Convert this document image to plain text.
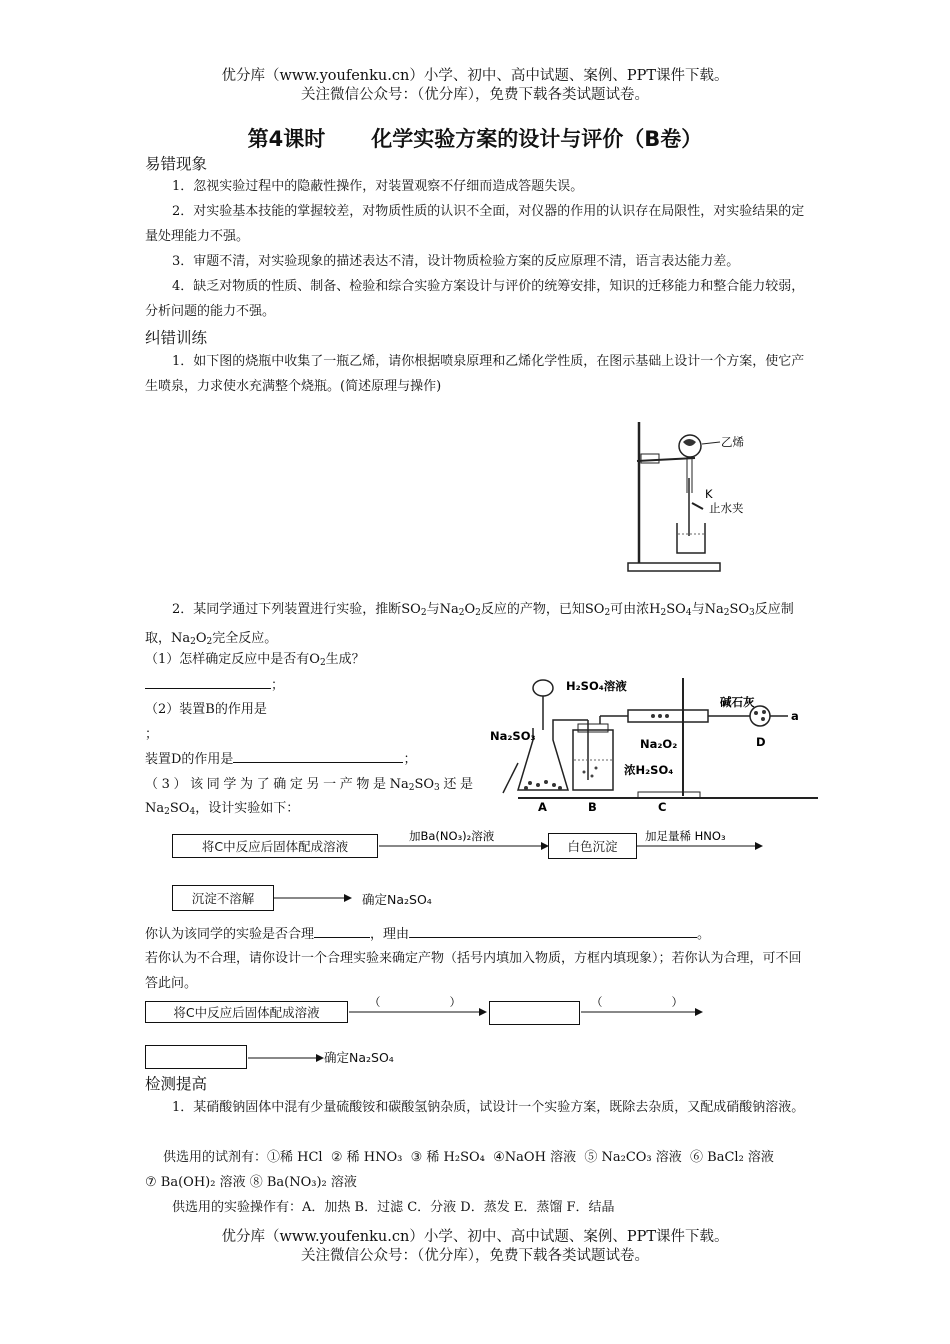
优分库（www.youfenku.cn）小学、初中、高中试题、案例、PPT课件下载。
关注微信公众号：（优分库），免费下载各类试题试卷。
第4课时 化学实验方案的设计与评价（B卷）
易错现象
1．忽视实验过程中的隐蔽性操作，对装置观察不仔细而造成答题失误。
2．对实验基本技能的掌握较差，对物质性质的认识不全面，对仪器的作用的认识存在局限性，对实验结果的定量处理能力不强。
3．审题不清，对实验现象的描述表达不清，设计物质检验方案的反应原理不清，语言表达能力差。
4．缺乏对物质的性质、制备、检验和综合实验方案设计与评价的统筹安排，知识的迁移能力和整合能力较弱，分析问题的能力不强。
纠错训练
1．如下图的烧瓶中收集了一瓶乙烯，请你根据喷泉原理和乙烯化学性质，在图示基础上设计一个方案，使它产生喷泉，力求使水充满整个烧瓶。(简述原理与操作)
乙烯
K
止水夹
2．某同学通过下列装置进行实验，推断$SO_2$与$Na_2O_2$反应的产物，已知$SO_2$可由浓$H_2SO_4$与$Na_2SO_3$反应制取，$Na_2O_2$完全反应。
（1）怎样确定反应中是否有$O_2$生成？
；
（2）装置B的作用是
；
装置D的作用是	；
（3）该同学为了确定另一产物是$Na_2SO_3$还是
$Na_2SO_4$，设计实验如下：
H₂SO₄溶液
Na₂SO₃
Na₂O₂
浓H₂SO₄
碱石灰
a
A	B	C
D
将C中反应后固体配成溶液
加Ba(NO₃)₂溶液
白色沉淀
加足量稀 HNO₃
沉淀不溶解	确定Na₂SO₄
你认为该同学的实验是否合理	，理由	。
若你认为不合理，请你设计一个合理实验来确定产物（括号内填加入物质，方框内填现象）；若你认为合理，可不回答此问。
将C中反应后固体配成溶液
（　　　　　　）	（　　　　　　）
确定Na₂SO₄
检测提高
1．某硝酸钠固体中混有少量硫酸铵和碳酸氢钠杂质，试设计一个实验方案，既除去杂质，又配成硝酸钠溶液。
供选用的试剂有：①稀 HCl ② 稀 HNO₃ ③ 稀 H₂SO₄ ④NaOH 溶液 ⑤ Na₂CO₃ 溶液 ⑥ BaCl₂ 溶液
⑦ Ba(OH)₂ 溶液 ⑧ Ba(NO₃)₂ 溶液
供选用的实验操作有：A．加热 B．过滤 C．分液 D．蒸发 E．蒸馏 F．结晶
优分库（www.youfenku.cn）小学、初中、高中试题、案例、PPT课件下载。
关注微信公众号：（优分库），免费下载各类试题试卷。
